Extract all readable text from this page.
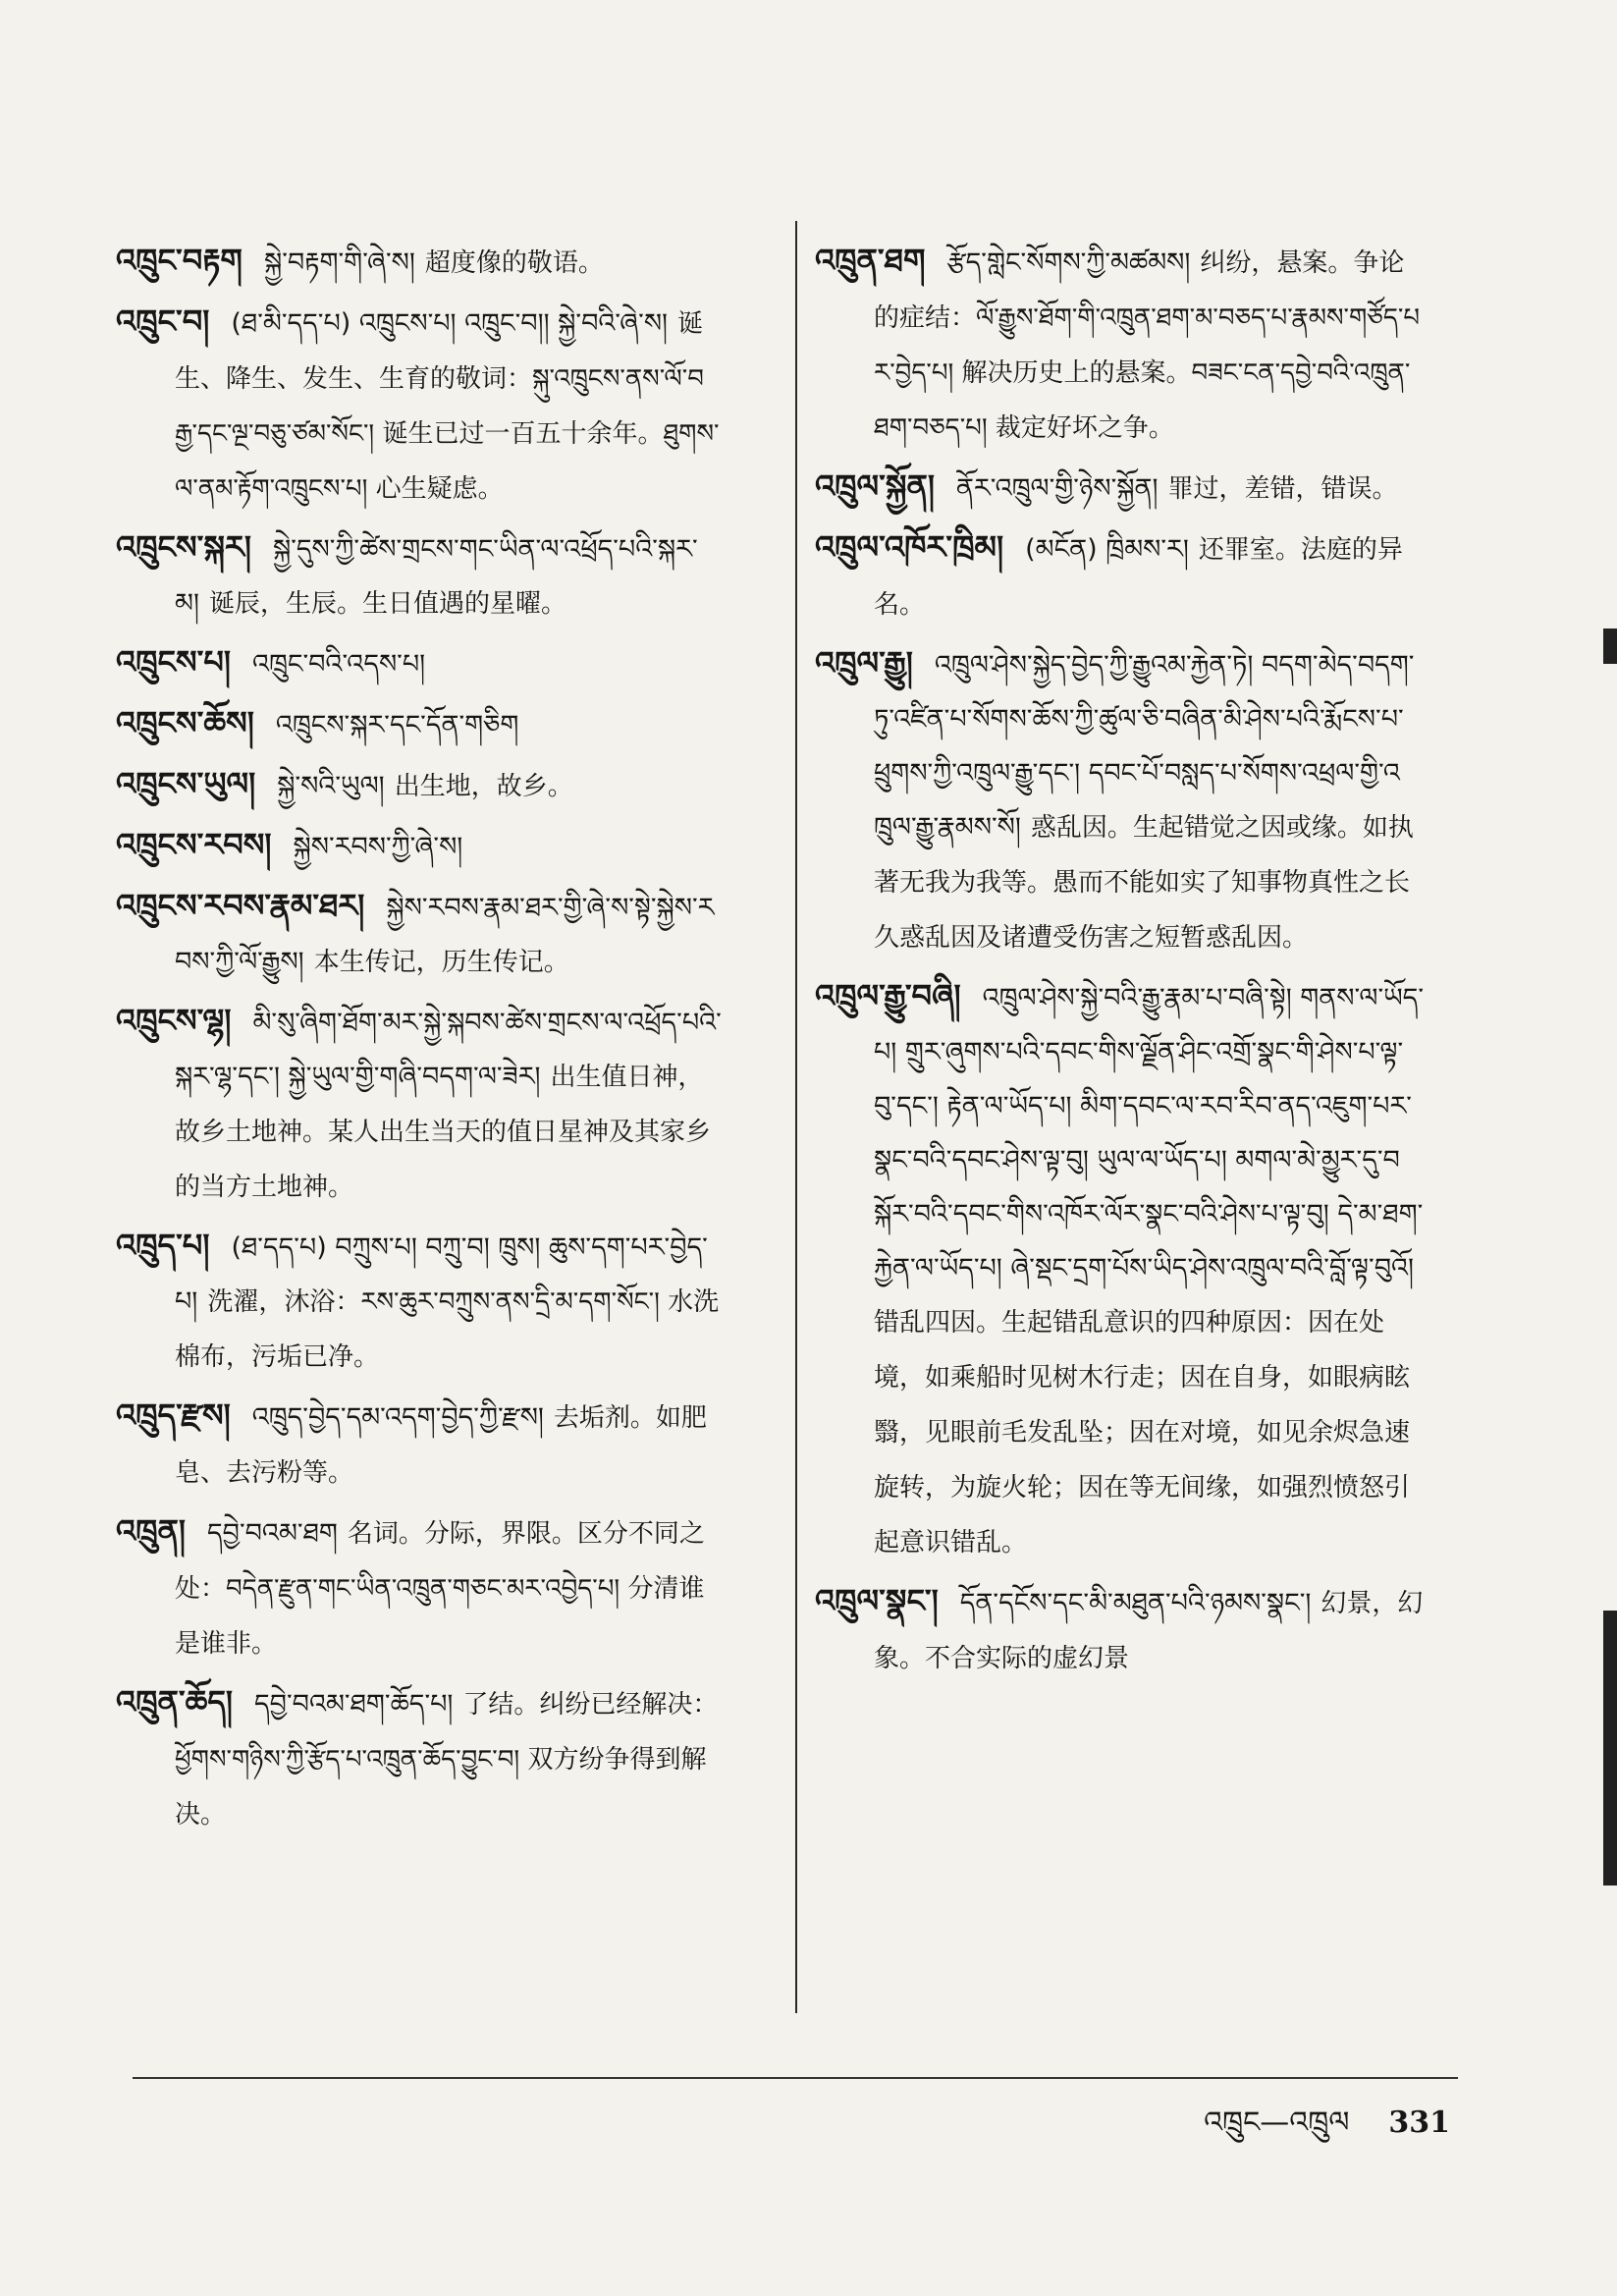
འཁྲུང་བརྟག སྐྱེ་བརྟག་གི་ཞེ་ས། 超度像的敬语。

འཁྲུང་བ། (ཐ་མི་དད་པ) འཁྲུངས་པ། འཁྲུང་བ།། སྐྱེ་བའི་ཞེ་ས། 诞生、降生、发生、生育的敬词：སྐུ་འཁྲུངས་ནས་ལོ་བརྒྱ་དང་ལྔ་བཅུ་ཙམ་སོང་། 诞生已过一百五十余年。ཐུགས་ལ་ནམ་རྟོག་འཁྲུངས་པ། 心生疑虑。

འཁྲུངས་སྐར། སྐྱེ་དུས་ཀྱི་ཚེས་གྲངས་གང་ཡིན་ལ་འཕྲོད་པའི་སྐར་མ། 诞辰，生辰。生日值遇的星曜。

འཁྲུངས་པ། འཁྲུང་བའི་འདས་པ།

འཁྲུངས་ཆོས། འཁྲུངས་སྐར་དང་དོན་གཅིག

འཁྲུངས་ཡུལ། སྐྱེ་སའི་ཡུལ། 出生地，故乡。

འཁྲུངས་རབས། སྐྱེས་རབས་ཀྱི་ཞེ་ས།

འཁྲུངས་རབས་རྣམ་ཐར། སྐྱེས་རབས་རྣམ་ཐར་གྱི་ཞེ་ས་སྟེ་སྐྱེས་རབས་ཀྱི་ལོ་རྒྱུས། 本生传记，历生传记。

འཁྲུངས་ལྷ། མི་སུ་ཞིག་ཐོག་མར་སྐྱེ་སྐབས་ཚེས་གྲངས་ལ་འཕྲོད་པའི་སྐར་ལྷ་དང་། སྐྱེ་ཡུལ་གྱི་གཞི་བདག་ལ་ཟེར། 出生值日神，故乡土地神。某人出生当天的值日星神及其家乡的当方土地神。

འཁྲུད་པ། (ཐ་དད་པ) བཀྲུས་པ། བཀྲུ་བ། ཁྲུས། ཆུས་དག་པར་བྱེད་པ། 洗濯，沐浴：རས་ཆུར་བཀྲུས་ནས་དྲི་མ་དག་སོང་། 水洗棉布，污垢已净。

འཁྲུད་རྫས། འཁྲུད་བྱེད་དམ་འདག་བྱེད་ཀྱི་རྫས། 去垢剂。如肥皂、去污粉等。

འཁྲུན། དབྱེ་བའམ་ཐག 名词。分际，界限。区分不同之处：བདེན་རྫུན་གང་ཡིན་འཁྲུན་གཅང་མར་འབྱེད་པ། 分清谁是谁非。

འཁྲུན་ཆོད། དབྱེ་བའམ་ཐག་ཆོད་པ། 了结。纠纷已经解决：ཕྱོགས་གཉིས་ཀྱི་རྩོད་པ་འཁྲུན་ཆོད་བྱུང་བ། 双方纷争得到解决。

འཁྲུན་ཐག རྩོད་གླེང་སོགས་ཀྱི་མཚམས། 纠纷，悬案。争论的症结：ལོ་རྒྱུས་ཐོག་གི་འཁྲུན་ཐག་མ་བཅད་པ་རྣམས་གཙོད་པར་བྱེད་པ། 解决历史上的悬案。བཟང་ངན་དབྱེ་བའི་འཁྲུན་ཐག་བཅད་པ། 裁定好坏之争。

འཁྲུལ་སྐྱོན། ནོར་འཁྲུལ་གྱི་ཉེས་སྐྱོན། 罪过，差错，错误。

འཁྲུལ་འཁོར་ཁྲིམ། (མངོན) ཁྲིམས་ར། 还罪室。法庭的异名。

འཁྲུལ་རྒྱུ། འཁྲུལ་ཤེས་སྐྱེད་བྱེད་ཀྱི་རྒྱུའམ་རྐྱེན་ཏེ། བདག་མེད་བདག་ཏུ་འཛིན་པ་སོགས་ཆོས་ཀྱི་ཚུལ་ཅི་བཞིན་མི་ཤེས་པའི་རྨོངས་པ་ཕྲུགས་ཀྱི་འཁྲུལ་རྒྱུ་དང་། དབང་པོ་བསླད་པ་སོགས་འཕྲལ་གྱི་འཁྲུལ་རྒྱུ་རྣམས་སོ། 惑乱因。生起错觉之因或缘。如执著无我为我等。愚而不能如实了知事物真性之长久惑乱因及诸遭受伤害之短暂惑乱因。

འཁྲུལ་རྒྱུ་བཞི། འཁྲུལ་ཤེས་སྐྱེ་བའི་རྒྱུ་རྣམ་པ་བཞི་སྟེ། གནས་ལ་ཡོད་པ། གྲུར་ཞུགས་པའི་དབང་གིས་ལྗོན་ཤིང་འགྲོ་སྣང་གི་ཤེས་པ་ལྟ་བུ་དང་། རྟེན་ལ་ཡོད་པ། མིག་དབང་ལ་རབ་རིབ་ནད་འཇུག་པར་སྣང་བའི་དབང་ཤེས་ལྟ་བུ། ཡུལ་ལ་ཡོད་པ། མགལ་མེ་མྱུར་དུ་བསྐོར་བའི་དབང་གིས་འཁོར་ལོར་སྣང་བའི་ཤེས་པ་ལྟ་བུ། དེ་མ་ཐག་རྐྱེན་ལ་ཡོད་པ། ཞེ་སྡང་དྲག་པོས་ཡིད་ཤེས་འཁྲུལ་བའི་བློ་ལྟ་བུའོ།错乱四因。生起错乱意识的四种原因：因在处境，如乘船时见树木行走；因在自身，如眼病眩翳，见眼前毛发乱坠；因在对境，如见余烬急速旋转，为旋火轮；因在等无间缘，如强烈愤怒引起意识错乱。

འཁྲུལ་སྣང་། དོན་དངོས་དང་མི་མཐུན་པའི་ཉམས་སྣང་། 幻景，幻象。不合实际的虚幻景

འཁྲུང—འཁྲུལ 331
